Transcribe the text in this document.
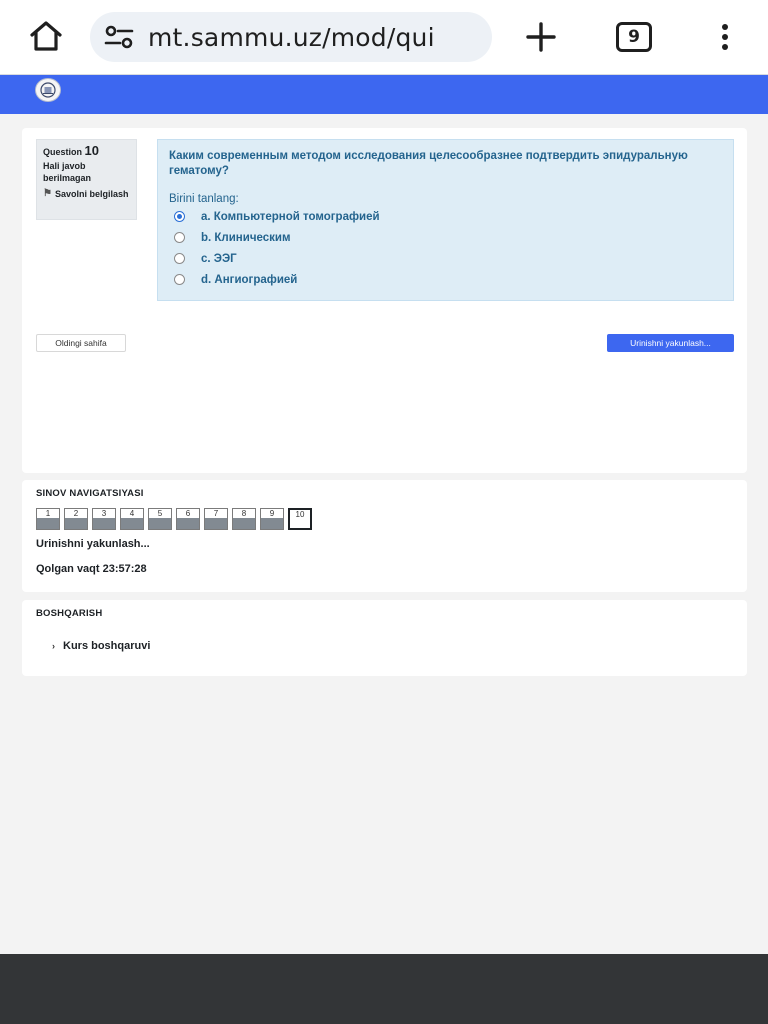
mt.sammu.uz/mod/qui	9
Question 10
Hali javob berilmagan
⚑ Savolni belgilash
Каким современным методом исследования целесообразнее подтвердить эпидуральную гематому?
Birini tanlang:
a. Компьютерной томографией
b. Клиническим
c. ЭЭГ
d. Ангиографией
Oldingi sahifa	Urinishni yakunlash...
SINOV NAVIGATSIYASI
1	2	3	4	5	6	7	8	9	10
Urinishni yakunlash...
Qolgan vaqt 23:57:28
BOSHQARISH
› Kurs boshqaruvi
